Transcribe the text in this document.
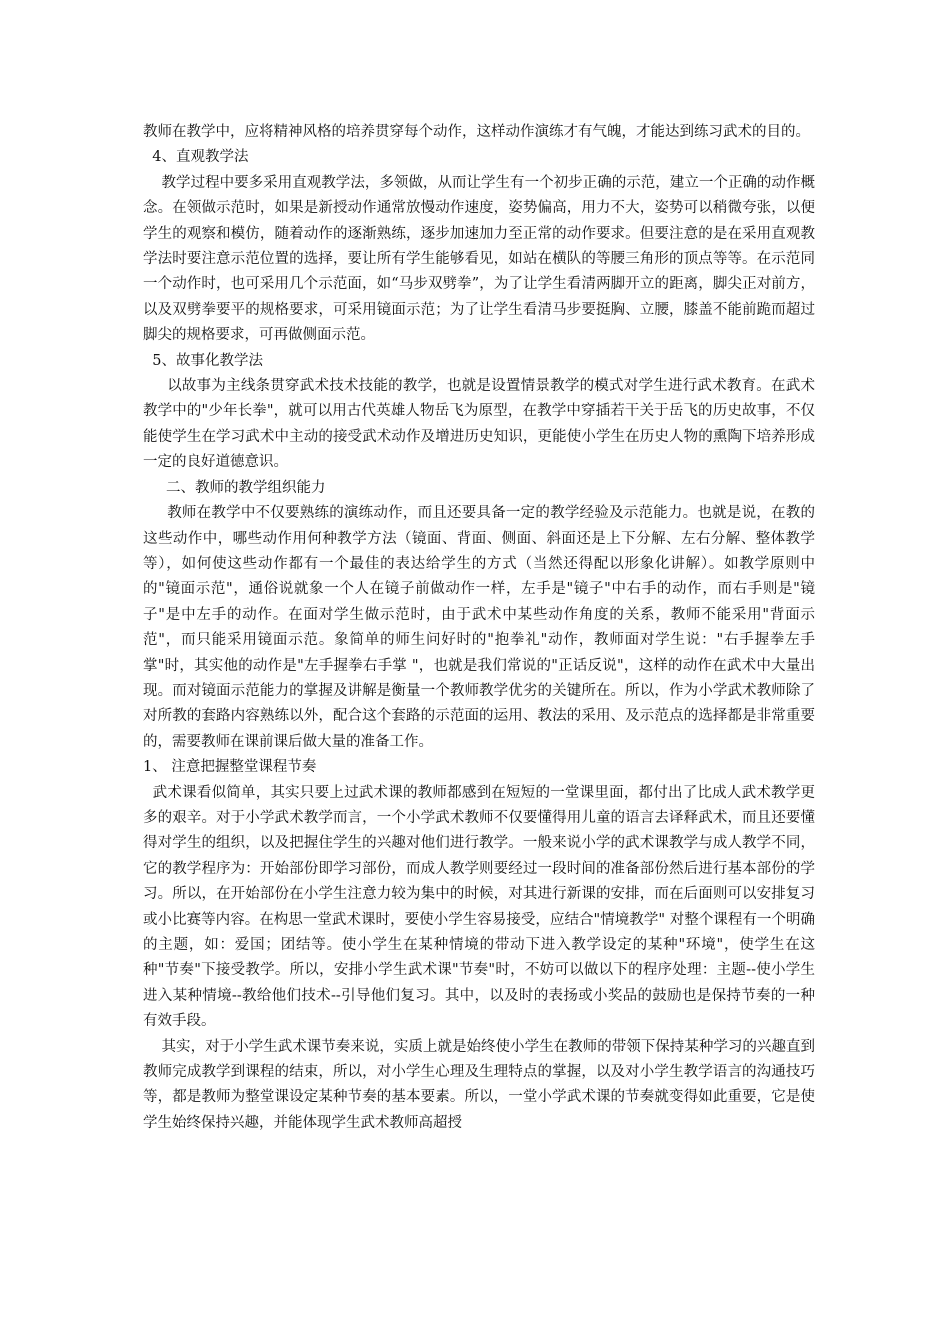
教师在教学中，应将精神风格的培养贯穿每个动作，这样动作演练才有气魄，才能达到练习武术的目的。
4、直观教学法
教学过程中要多采用直观教学法，多领做，从而让学生有一个初步正确的示范，建立一个正确的动作概念。在领做示范时，如果是新授动作通常放慢动作速度，姿势偏高，用力不大，姿势可以稍微夸张，以便学生的观察和模仿，随着动作的逐渐熟练，逐步加速加力至正常的动作要求。但要注意的是在采用直观教学法时要注意示范位置的选择，要让所有学生能够看见，如站在横队的等腰三角形的顶点等等。在示范同一个动作时，也可采用几个示范面，如“马步双劈拳”，为了让学生看清两脚开立的距离，脚尖正对前方，以及双劈拳要平的规格要求，可采用镜面示范；为了让学生看清马步要挺胸、立腰，膝盖不能前跪而超过脚尖的规格要求，可再做侧面示范。
5、故事化教学法
以故事为主线条贯穿武术技术技能的教学，也就是设置情景教学的模式对学生进行武术教育。在武术教学中的"少年长拳"，就可以用古代英雄人物岳飞为原型，在教学中穿插若干关于岳飞的历史故事，不仅能使学生在学习武术中主动的接受武术动作及增进历史知识，更能使小学生在历史人物的熏陶下培养形成一定的良好道德意识。
二、教师的教学组织能力
教师在教学中不仅要熟练的演练动作，而且还要具备一定的教学经验及示范能力。也就是说，在教的这些动作中，哪些动作用何种教学方法（镜面、背面、侧面、斜面还是上下分解、左右分解、整体教学等），如何使这些动作都有一个最佳的表达给学生的方式（当然还得配以形象化讲解）。如教学原则中的"镜面示范"，通俗说就象一个人在镜子前做动作一样，左手是"镜子"中右手的动作，而右手则是"镜子"是中左手的动作。在面对学生做示范时，由于武术中某些动作角度的关系，教师不能采用"背面示范"，而只能采用镜面示范。象简单的师生问好时的"抱拳礼"动作，教师面对学生说："右手握拳左手掌"时，其实他的动作是"左手握拳右手掌 "，也就是我们常说的"正话反说"，这样的动作在武术中大量出现。而对镜面示范能力的掌握及讲解是衡量一个教师教学优劣的关键所在。所以，作为小学武术教师除了对所教的套路内容熟练以外，配合这个套路的示范面的运用、教法的采用、及示范点的选择都是非常重要的，需要教师在课前课后做大量的准备工作。
1、 注意把握整堂课程节奏
武术课看似简单，其实只要上过武术课的教师都感到在短短的一堂课里面，都付出了比成人武术教学更多的艰辛。对于小学武术教学而言，一个小学武术教师不仅要懂得用儿童的语言去译释武术，而且还要懂得对学生的组织，以及把握住学生的兴趣对他们进行教学。一般来说小学的武术课教学与成人教学不同，它的教学程序为：开始部份即学习部份，而成人教学则要经过一段时间的准备部份然后进行基本部份的学习。所以，在开始部份在小学生注意力较为集中的时候，对其进行新课的安排，而在后面则可以安排复习或小比赛等内容。在构思一堂武术课时，要使小学生容易接受，应结合"情境教学" 对整个课程有一个明确的主题，如：爱国；团结等。使小学生在某种情境的带动下进入教学设定的某种"环境"，使学生在这种"节奏"下接受教学。所以，安排小学生武术课"节奏"时，不妨可以做以下的程序处理：主题--使小学生进入某种情境--教给他们技术--引导他们复习。其中，以及时的表扬或小奖品的鼓励也是保持节奏的一种有效手段。
其实，对于小学生武术课节奏来说，实质上就是始终使小学生在教师的带领下保持某种学习的兴趣直到教师完成教学到课程的结束，所以，对小学生心理及生理特点的掌握，以及对小学生教学语言的沟通技巧等，都是教师为整堂课设定某种节奏的基本要素。所以，一堂小学武术课的节奏就变得如此重要，它是使学生始终保持兴趣，并能体现学生武术教师高超授
